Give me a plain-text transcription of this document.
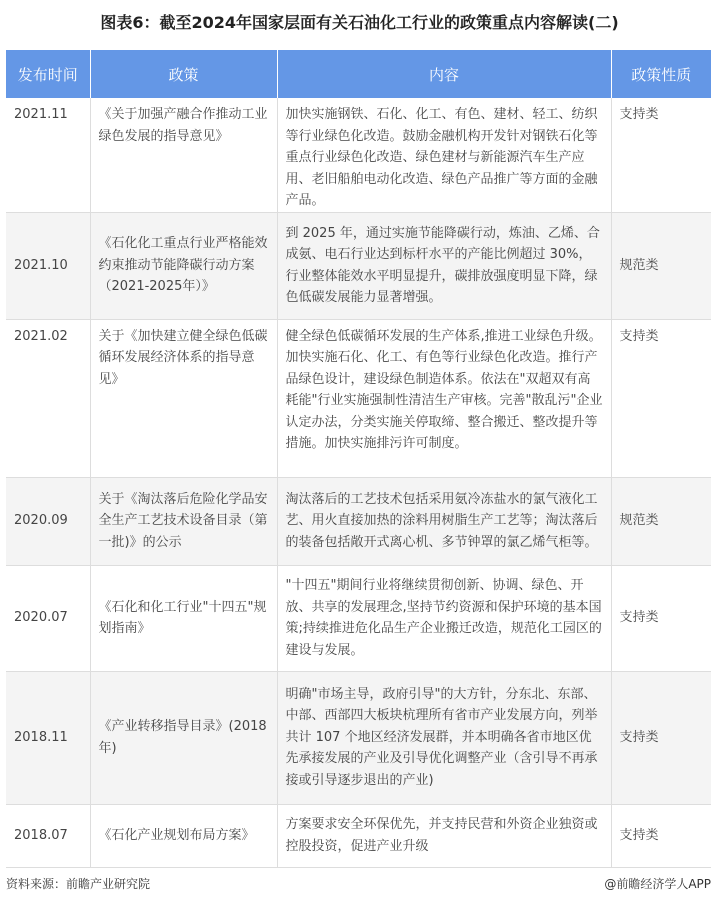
图表6：截至2024年国家层面有关石油化工行业的政策重点内容解读(二)
发布时间	政策	内容	政策性质
2021.11	《关于加强产融合作推动工业绿色发展的指导意见》	加快实施钢铁、石化、化工、有色、建材、轻工、纺织等行业绿色化改造。鼓励金融机构开发针对钢铁石化等重点行业绿色化改造、绿色建材与新能源汽车生产应用、老旧船舶电动化改造、绿色产品推广等方面的金融产品。	支持类
2021.10	《石化化工重点行业严格能效约束推动节能降碳行动方案（2021-2025年）》	到 2025 年，通过实施节能降碳行动，炼油、乙烯、合成氨、电石行业达到标杆水平的产能比例超过 30%，行业整体能效水平明显提升，碳排放强度明显下降，绿色低碳发展能力显著增强。	规范类
2021.02	关于《加快建立健全绿色低碳循环发展经济体系的指导意见》	健全绿色低碳循环发展的生产体系,推进工业绿色升级。加快实施石化、化工、有色等行业绿色化改造。推行产品绿色设计，建设绿色制造体系。依法在"双超双有高耗能"行业实施强制性清洁生产审核。完善"散乱污"企业认定办法，分类实施关停取缔、整合搬迁、整改提升等措施。加快实施排污许可制度。	支持类
2020.09	关于《淘汰落后危险化学品安全生产工艺技术设备目录（第一批)》的公示	淘汰落后的工艺技术包括采用氨冷冻盐水的氯气液化工艺、用火直接加热的涂料用树脂生产工艺等；淘汰落后的装备包括敞开式离心机、多节钟罩的氯乙烯气柜等。	规范类
2020.07	《石化和化工行业"十四五"规划指南》	"十四五"期间行业将继续贯彻创新、协调、绿色、开放、共享的发展理念,坚持节约资源和保护环境的基本国策;持续推进危化品生产企业搬迁改造，规范化工园区的建设与发展。	支持类
2018.11	《产业转移指导目录》(2018年)	明确"市场主导，政府引导"的大方针，分东北、东部、中部、西部四大板块杭理所有省市产业发展方向，列举共计 107 个地区经济发展群，并本明确各省市地区优先承接发展的产业及引导优化调整产业（含引导不再承接或引导逐步退出的产业)	支持类
2018.07	《石化产业规划布局方案》	方案要求安全环保优先，并支持民营和外资企业独资或控股投资，促进产业升级	支持类
资料来源：前瞻产业研究院	@前瞻经济学人APP
